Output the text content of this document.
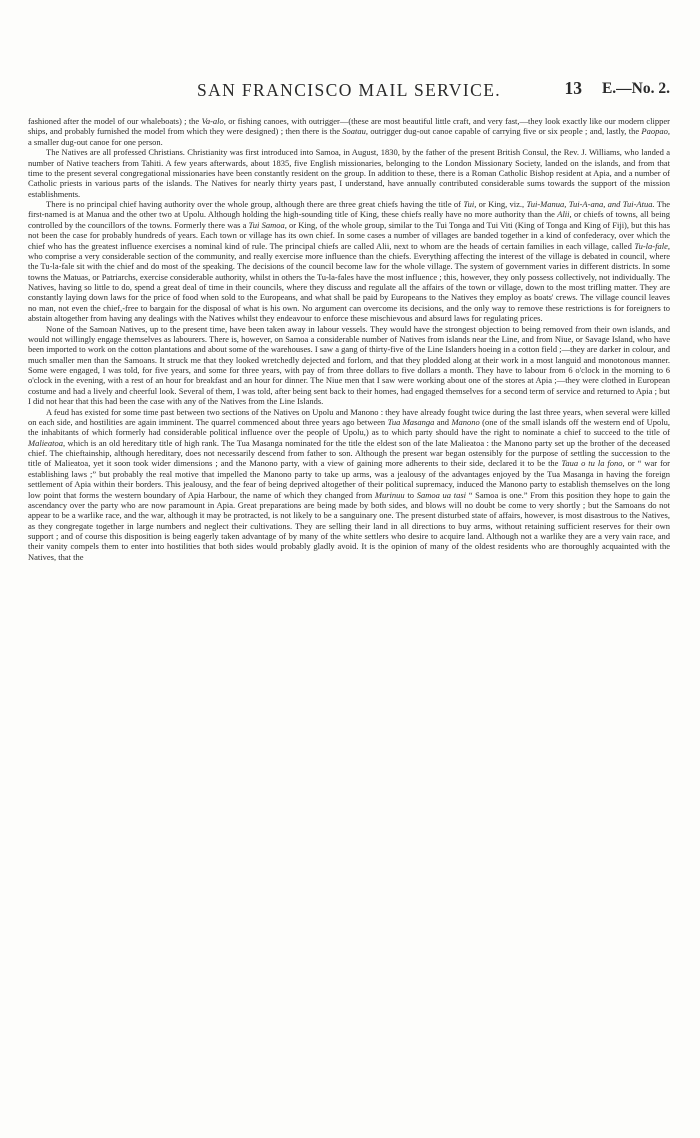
SAN FRANCISCO MAIL SERVICE.	13 E.—No. 2.

fashioned after the model of our whaleboats) ; the Va-alo, or fishing canoes, with outrigger—(these are most beautiful little craft, and very fast,—they look exactly like our modern clipper ships, and probably furnished the model from which they were designed) ; then there is the Soatau, outrigger dug-out canoe capable of carrying five or six people ; and, lastly, the Paopao, a smaller dug-out canoe for one person.

The Natives are all professed Christians. Christianity was first introduced into Samoa, in August, 1830, by the father of the present British Consul, the Rev. J. Williams, who landed a number of Native teachers from Tahiti. A few years afterwards, about 1835, five English missionaries, belonging to the London Missionary Society, landed on the islands, and from that time to the present several congregational missionaries have been constantly resident on the group. In addition to these, there is a Roman Catholic Bishop resident at Apia, and a number of Catholic priests in various parts of the islands. The Natives for nearly thirty years past, I understand, have annually contributed considerable sums towards the support of the mission establishments.

There is no principal chief having authority over the whole group, although there are three great chiefs having the title of Tui, or King, viz., Tui-Manua, Tui-A-ana, and Tui-Atua. The first-named is at Manua and the other two at Upolu. Although holding the high-sounding title of King, these chiefs really have no more authority than the Alii, or chiefs of towns, all being controlled by the councillors of the towns. Formerly there was a Tui Samoa, or King, of the whole group, similar to the Tui Tonga and Tui Viti (King of Tonga and King of Fiji), but this has not been the case for probably hundreds of years. Each town or village has its own chief. In some cases a number of villages are banded together in a kind of confederacy, over which the chief who has the greatest influence exercises a nominal kind of rule. The principal chiefs are called Alii, next to whom are the heads of certain families in each village, called Tu-la-fale, who comprise a very considerable section of the community, and really exercise more influence than the chiefs. Everything affecting the interest of the village is debated in council, where the Tu-la-fale sit with the chief and do most of the speaking. The decisions of the council become law for the whole village. The system of government varies in different districts. In some towns the Matuas, or Patriarchs, exercise considerable authority, whilst in others the Tu-la-fales have the most influence ; this, however, they only possess collectively, not individually. The Natives, having so little to do, spend a great deal of time in their councils, where they discuss and regulate all the affairs of the town or village, down to the most trifling matter. They are constantly laying down laws for the price of food when sold to the Europeans, and what shall be paid by Europeans to the Natives they employ as boats' crews. The village council leaves no man, not even the chief,-free to bargain for the disposal of what is his own. No argument can overcome its decisions, and the only way to remove these restrictions is for foreigners to abstain altogether from having any dealings with the Natives whilst they endeavour to enforce these mischievous and absurd laws for regulating prices.

None of the Samoan Natives, up to the present time, have been taken away in labour vessels. They would have the strongest objection to being removed from their own islands, and would not willingly engage themselves as labourers. There is, however, on Samoa a considerable number of Natives from islands near the Line, and from Niue, or Savage Island, who have been imported to work on the cotton plantations and about some of the warehouses. I saw a gang of thirty-five of the Line Islanders hoeing in a cotton field ;—they are darker in colour, and much smaller men than the Samoans. It struck me that they looked wretchedly dejected and forlorn, and that they plodded along at their work in a most languid and monotonous manner. Some were engaged, I was told, for five years, and some for three years, with pay of from three dollars to five dollars a month. They have to labour from 6 o'clock in the morning to 6 o'clock in the evening, with a rest of an hour for breakfast and an hour for dinner. The Niue men that I saw were working about one of the stores at Apia ;—they were clothed in European costume and had a lively and cheerful look. Several of them, I was told, after being sent back to their homes, had engaged themselves for a second term of service and returned to Apia ; but I did not hear that this had been the case with any of the Natives from the Line Islands.

A feud has existed for some time past between two sections of the Natives on Upolu and Manono : they have already fought twice during the last three years, when several were killed on each side, and hostilities are again imminent. The quarrel commenced about three years ago between Tua Masanga and Manono (one of the small islands off the western end of Upolu, the inhabitants of which formerly had considerable political influence over the people of Upolu,) as to which party should have the right to nominate a chief to succeed to the title of Malieatoa, which is an old hereditary title of high rank. The Tua Masanga nominated for the title the eldest son of the late Malieatoa : the Manono party set up the brother of the deceased chief. The chieftainship, although hereditary, does not necessarily descend from father to son. Although the present war began ostensibly for the purpose of settling the succession to the title of Malieatoa, yet it soon took wider dimensions ; and the Manono party, with a view of gaining more adherents to their side, declared it to be the Taua o tu la fono, or “ war for establishing laws ;” but probably the real motive that impelled the Manono party to take up arms, was a jealousy of the advantages enjoyed by the Tua Masanga in having the foreign settlement of Apia within their borders. This jealousy, and the fear of being deprived altogether of their political supremacy, induced the Manono party to establish themselves on the long low point that forms the western boundary of Apia Harbour, the name of which they changed from Murinuu to Samoa ua tasi “ Samoa is one.” From this position they hope to gain the ascendancy over the party who are now paramount in Apia. Great preparations are being made by both sides, and blows will no doubt be come to very shortly ; but the Samoans do not appear to be a warlike race, and the war, although it may be protracted, is not likely to be a sanguinary one. The present disturbed state of affairs, however, is most disastrous to the Natives, as they congregate together in large numbers and neglect their cultivations. They are selling their land in all directions to buy arms, without retaining sufficient reserves for their own support ; and of course this disposition is being eagerly taken advantage of by many of the white settlers who desire to acquire land. Although not a warlike they are a very vain race, and their vanity compels them to enter into hostilities that both sides would probably gladly avoid. It is the opinion of many of the oldest residents who are thoroughly acquainted with the Natives, that the
